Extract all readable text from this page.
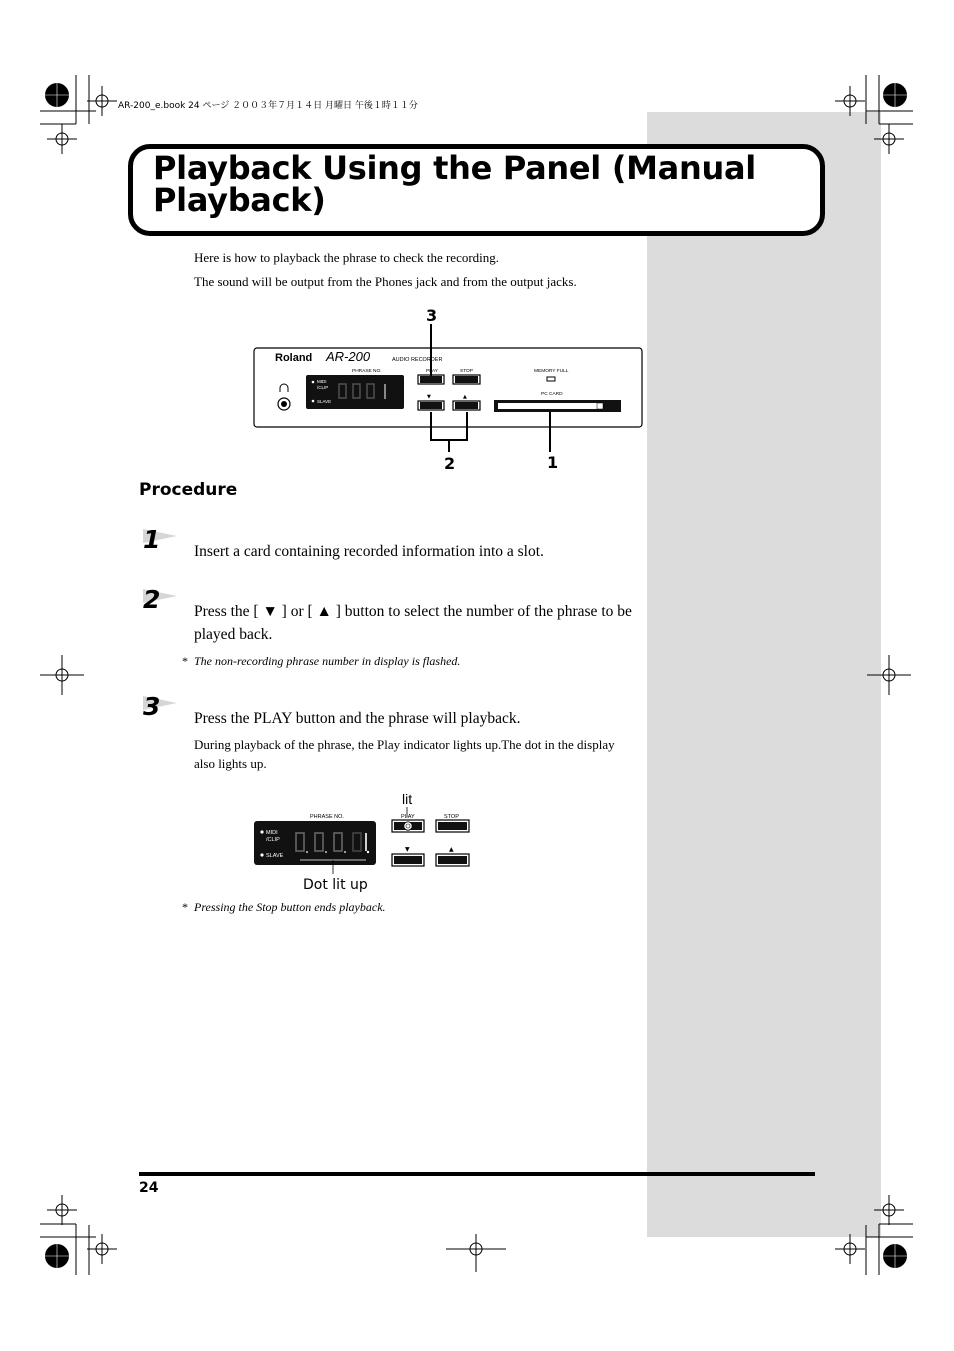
AR-200_e.book 24 ページ ２００３年７月１４日 月曜日 午後１時１１分
Playback Using the Panel (Manual Playback)
Here is how to playback the phrase to check the recording.
The sound will be output from the Phones jack and from the output jacks.
Roland AR-200	AUDIO RECORDER
PHRASE NO.
MIDI
/CLIP
SLAVE
PLAY	STOP
▼	▲
MEMORY FULL
PC CARD
3
2	1
Procedure
1 Insert a card containing recorded information into a slot.
2 Press the [ ▼ ] or [ ▲ ] button to select the number of the phrase to be played back.
* The non-recording phrase number in display is flashed.
3 Press the PLAY button and the phrase will playback.
During playback of the phrase, the Play indicator lights up.The dot in the display also lights up.
PHRASE NO.
MIDI
/CLIP
SLAVE
Dot lit up
lit
PLAY	STOP
▼	▲
* Pressing the Stop button ends playback.
24
